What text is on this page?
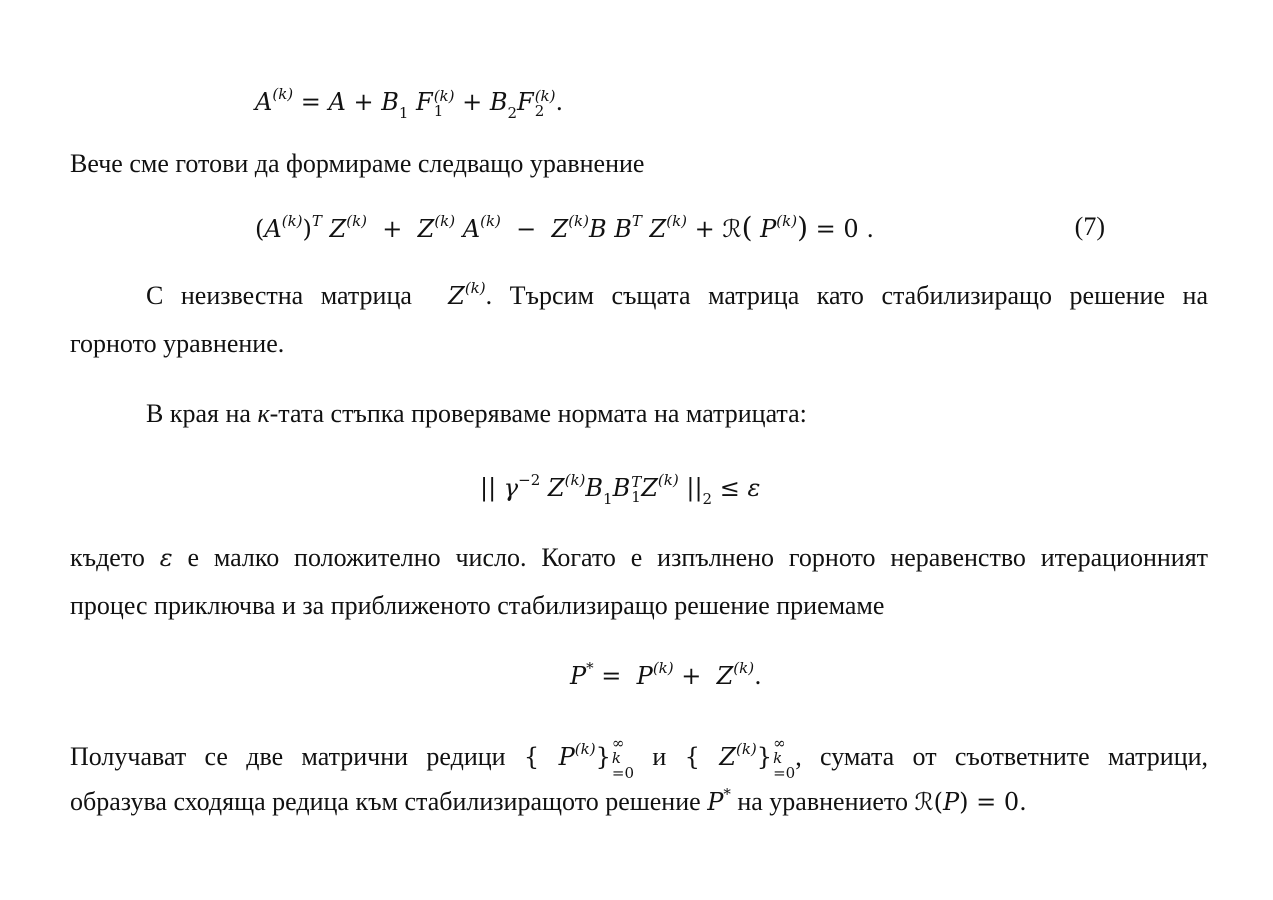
$A^{(k)} = A + B_1$ F (k)
$1 + B_2F$ (k)
2 .
Вече сме готови да формираме следващо уравнение
$(A^{(k)})^T$ $Z^{(k)} + Z^{(k)}$ $A^{(k)} - Z^{(k)}B$ $B^T$ $Z^{(k)}$ + ℛ( $P^{(k)}) = 0$ .	(7)
С неизвестна матрица  $Z^{(k)}$. Търсим същата матрица като стабилизиращо решение на
горното уравнение.
В края на к-тата стъпка проверяваме нормата на матрицата:
|| $\gamma^{-2}$ $Z^{(k)}B_1B$ T
1 $Z^{(k)}$ $||_2 \le \varepsilon$
където ε е малко положително число. Когато е изпълнено горното неравенство итерационният
процес приключва и за приближеното стабилизиращо решение приемаме
$P^* = P^{(k)} + Z^{(k)}$.
Получават се две матрични редици { $P^{(k)}$} ∞
k
=0
и { $Z^{(k)}$} ∞
k
=0
, сумата от съответните матрици,
образува сходяща редица към стабилизиращото решение P* на уравнението ℛ(P) = 0.
